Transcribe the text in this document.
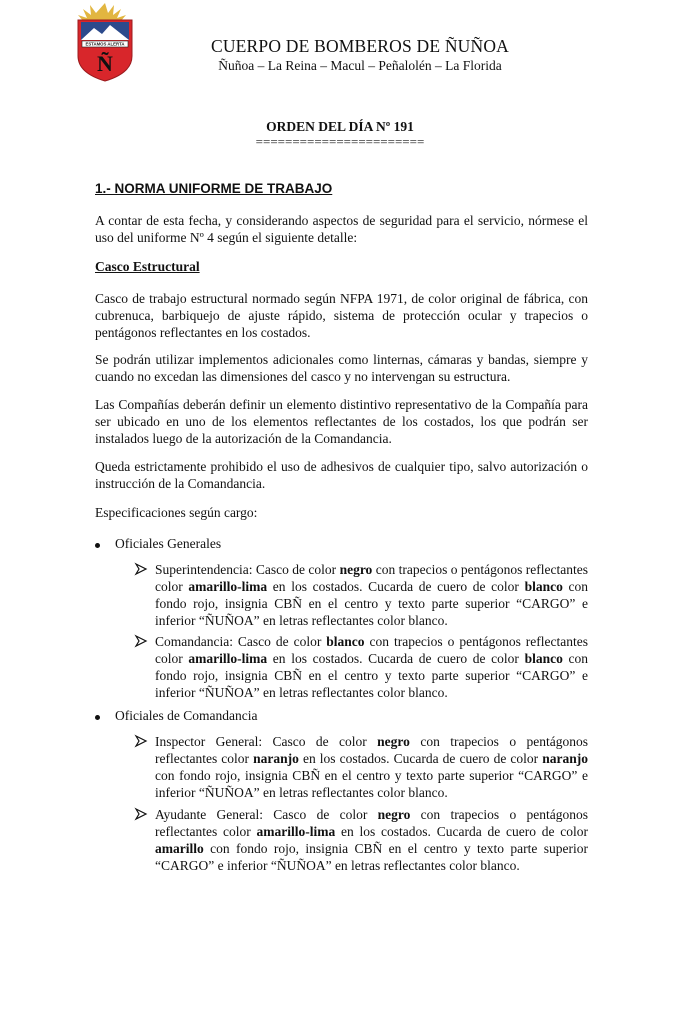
ESTAMOS ALERTA
Ñ
CUERPO DE BOMBEROS DE ÑUÑOA
Ñuñoa – La Reina – Macul – Peñalolén – La Florida
ORDEN DEL DÍA Nº 191
=======================
1.- NORMA UNIFORME DE TRABAJO
A contar de esta fecha, y considerando aspectos de seguridad para el servicio, nórmese el uso del uniforme Nº 4 según el siguiente detalle:
Casco Estructural
Casco de trabajo estructural normado según NFPA 1971, de color original de fábrica, con cubrenuca, barbiquejo de ajuste rápido, sistema de protección ocular y trapecios o pentágonos reflectantes en los costados.
Se podrán utilizar implementos adicionales como linternas, cámaras y bandas, siempre y cuando no excedan las dimensiones del casco y no intervengan su estructura.
Las Compañías deberán definir un elemento distintivo representativo de la Compañía para ser ubicado en uno de los elementos reflectantes de los costados, los que podrán ser instalados luego de la autorización de la Comandancia.
Queda estrictamente prohibido el uso de adhesivos de cualquier tipo, salvo autorización o instrucción de la Comandancia.
Especificaciones según cargo:
Oficiales Generales
Superintendencia: Casco de color negro con trapecios o pentágonos reflectantes color amarillo-lima en los costados. Cucarda de cuero de color blanco con fondo rojo, insignia CBÑ en el centro y texto parte superior “CARGO” e inferior “ÑUÑOA” en letras reflectantes color blanco.
Comandancia: Casco de color blanco con trapecios o pentágonos reflectantes color amarillo-lima en los costados. Cucarda de cuero de color blanco con fondo rojo, insignia CBÑ en el centro y texto parte superior “CARGO” e inferior “ÑUÑOA” en letras reflectantes color blanco.
Oficiales de Comandancia
Inspector General: Casco de color negro con trapecios o pentágonos reflectantes color naranjo en los costados. Cucarda de cuero de color naranjo con fondo rojo, insignia CBÑ en el centro y texto parte superior “CARGO” e inferior “ÑUÑOA” en letras reflectantes color blanco.
Ayudante General: Casco de color negro con trapecios o pentágonos reflectantes color amarillo-lima en los costados. Cucarda de cuero de color amarillo con fondo rojo, insignia CBÑ en el centro y texto parte superior “CARGO” e inferior “ÑUÑOA” en letras reflectantes color blanco.
